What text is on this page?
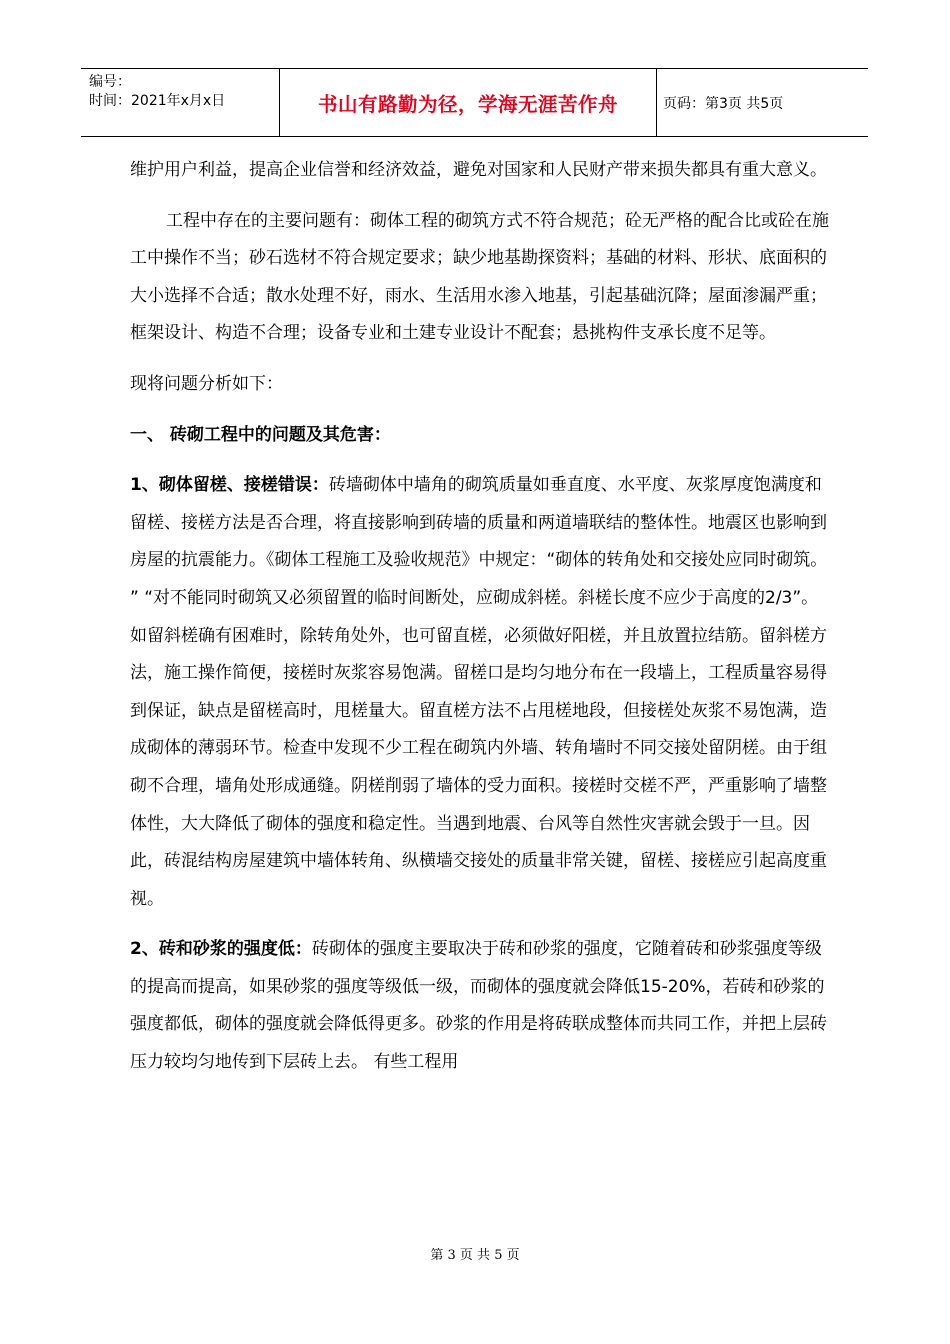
编号：
时间：2021年x月x日	书山有路勤为径，学海无涯苦作舟	页码：第3页 共5页

维护用户利益，提高企业信誉和经济效益，避免对国家和人民财产带来损失都具有重大意义。

工程中存在的主要问题有：砌体工程的砌筑方式不符合规范；砼无严格的配合比或砼在施工中操作不当；砂石选材不符合规定要求；缺少地基勘探资料；基础的材料、形状、底面积的大小选择不合适；散水处理不好，雨水、生活用水渗入地基，引起基础沉降；屋面渗漏严重；框架设计、构造不合理；设备专业和土建专业设计不配套；悬挑构件支承长度不足等。

现将问题分析如下：

一、 砖砌工程中的问题及其危害：

1、砌体留槎、接槎错误：砖墙砌体中墙角的砌筑质量如垂直度、水平度、灰浆厚度饱满度和留槎、接槎方法是否合理，将直接影响到砖墙的质量和两道墙联结的整体性。地震区也影响到房屋的抗震能力。《砌体工程施工及验收规范》中规定：“砌体的转角处和交接处应同时砌筑。 ” “对不能同时砌筑又必须留置的临时间断处，应砌成斜槎。斜槎长度不应少于高度的2/3”。如留斜槎确有困难时，除转角处外，也可留直槎，必须做好阳槎，并且放置拉结筋。留斜槎方法，施工操作简便，接槎时灰浆容易饱满。留槎口是均匀地分布在一段墙上，工程质量容易得到保证，缺点是留槎高时，甩槎量大。留直槎方法不占甩槎地段，但接槎处灰浆不易饱满，造成砌体的薄弱环节。检查中发现不少工程在砌筑内外墙、转角墙时不同交接处留阴槎。由于组砌不合理，墙角处形成通缝。阴槎削弱了墙体的受力面积。接槎时交槎不严，严重影响了墙整体性，大大降低了砌体的强度和稳定性。当遇到地震、台风等自然性灾害就会毁于一旦。因此，砖混结构房屋建筑中墙体转角、纵横墙交接处的质量非常关键，留槎、接槎应引起高度重视。

2、砖和砂浆的强度低：砖砌体的强度主要取决于砖和砂浆的强度，它随着砖和砂浆强度等级的提高而提高，如果砂浆的强度等级低一级，而砌体的强度就会降低15-20%，若砖和砂浆的强度都低，砌体的强度就会降低得更多。砂浆的作用是将砖联成整体而共同工作，并把上层砖压力较均匀地传到下层砖上去。 有些工程用

第 3 页 共 5 页
